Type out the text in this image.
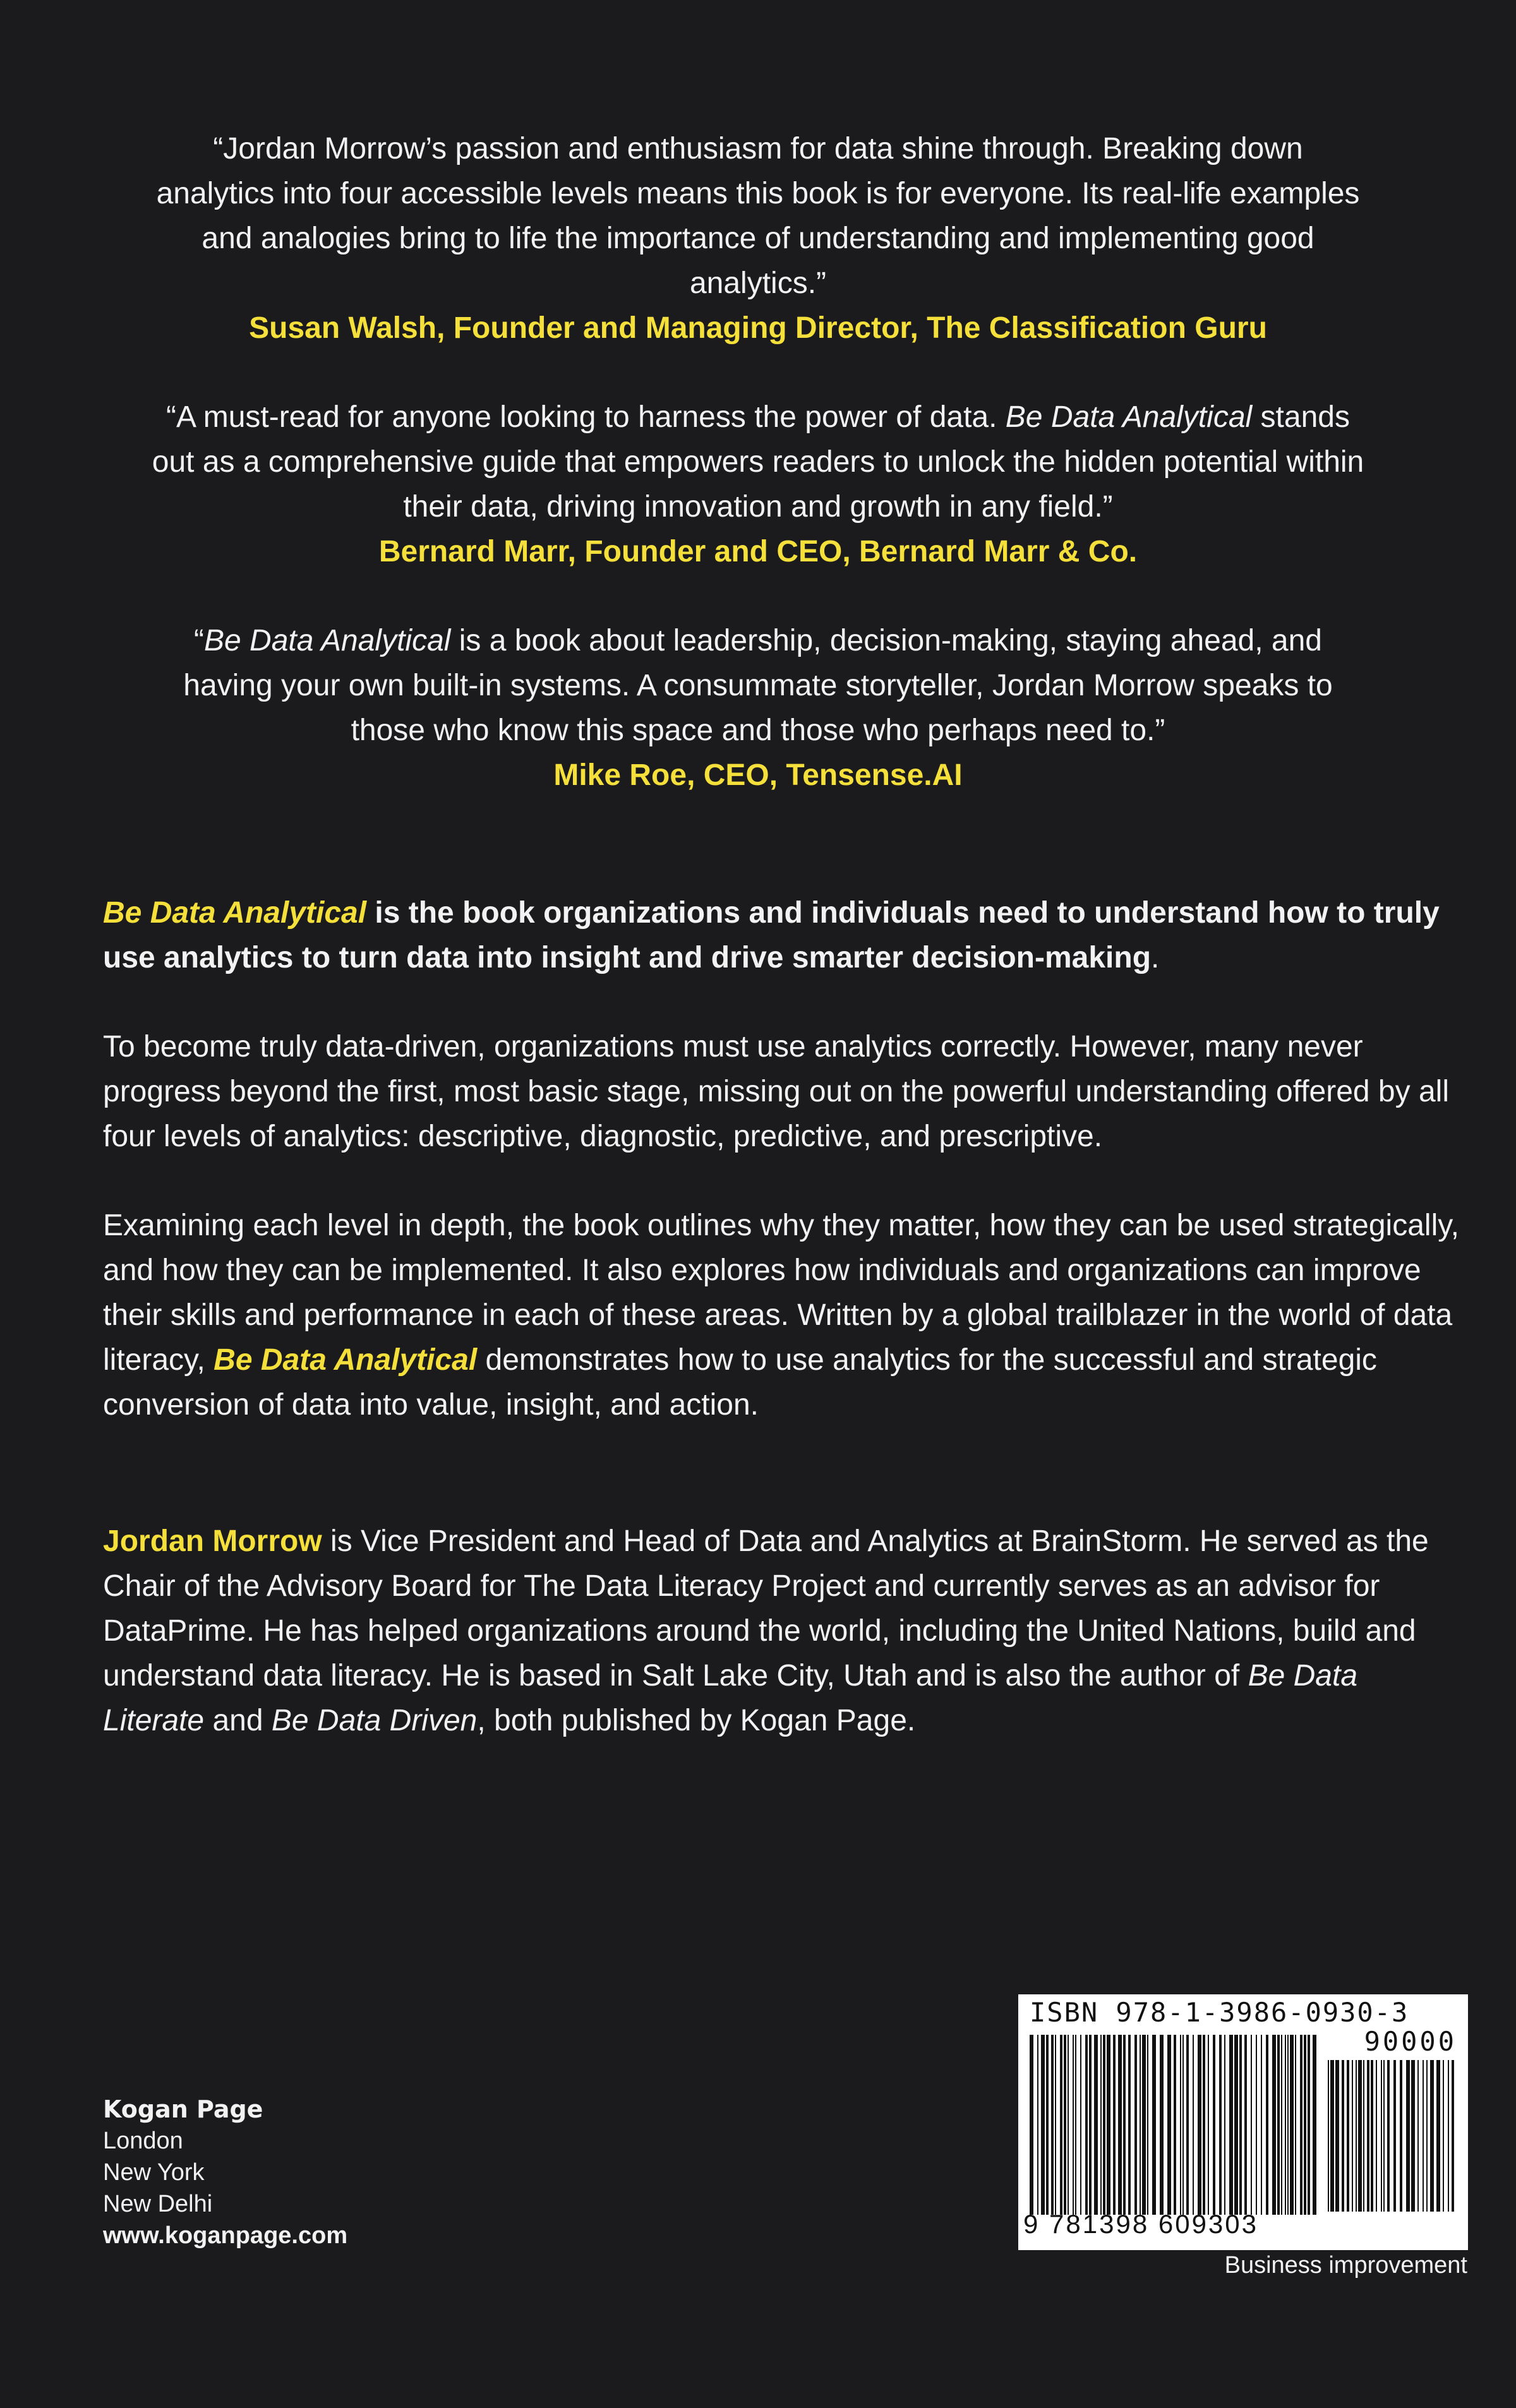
“Jordan Morrow’s passion and enthusiasm for data shine through. Breaking down analytics into four accessible levels means this book is for everyone. Its real-life examples and analogies bring to life the importance of understanding and implementing good analytics.”
Susan Walsh, Founder and Managing Director, The Classification Guru
“A must-read for anyone looking to harness the power of data. Be Data Analytical stands out as a comprehensive guide that empowers readers to unlock the hidden potential within their data, driving innovation and growth in any field.”
Bernard Marr, Founder and CEO, Bernard Marr & Co.
“Be Data Analytical is a book about leadership, decision-making, staying ahead, and having your own built-in systems. A consummate storyteller, Jordan Morrow speaks to those who know this space and those who perhaps need to.”
Mike Roe, CEO, Tensense.AI

Be Data Analytical is the book organizations and individuals need to understand how to truly use analytics to turn data into insight and drive smarter decision-making.

To become truly data-driven, organizations must use analytics correctly. However, many never progress beyond the first, most basic stage, missing out on the powerful understanding offered by all four levels of analytics: descriptive, diagnostic, predictive, and prescriptive.

Examining each level in depth, the book outlines why they matter, how they can be used strategically, and how they can be implemented. It also explores how individuals and organizations can improve their skills and performance in each of these areas. Written by a global trailblazer in the world of data literacy, Be Data Analytical demonstrates how to use analytics for the successful and strategic conversion of data into value, insight, and action.

Jordan Morrow is Vice President and Head of Data and Analytics at BrainStorm. He served as the Chair of the Advisory Board for The Data Literacy Project and currently serves as an advisor for DataPrime. He has helped organizations around the world, including the United Nations, build and understand data literacy. He is based in Salt Lake City, Utah and is also the author of Be Data Literate and Be Data Driven, both published by Kogan Page.
Kogan Page
London
New York
New Delhi
www.koganpage.com
ISBN 978-1-3986-0930-3
90000
9 781398 609303
Business improvement
